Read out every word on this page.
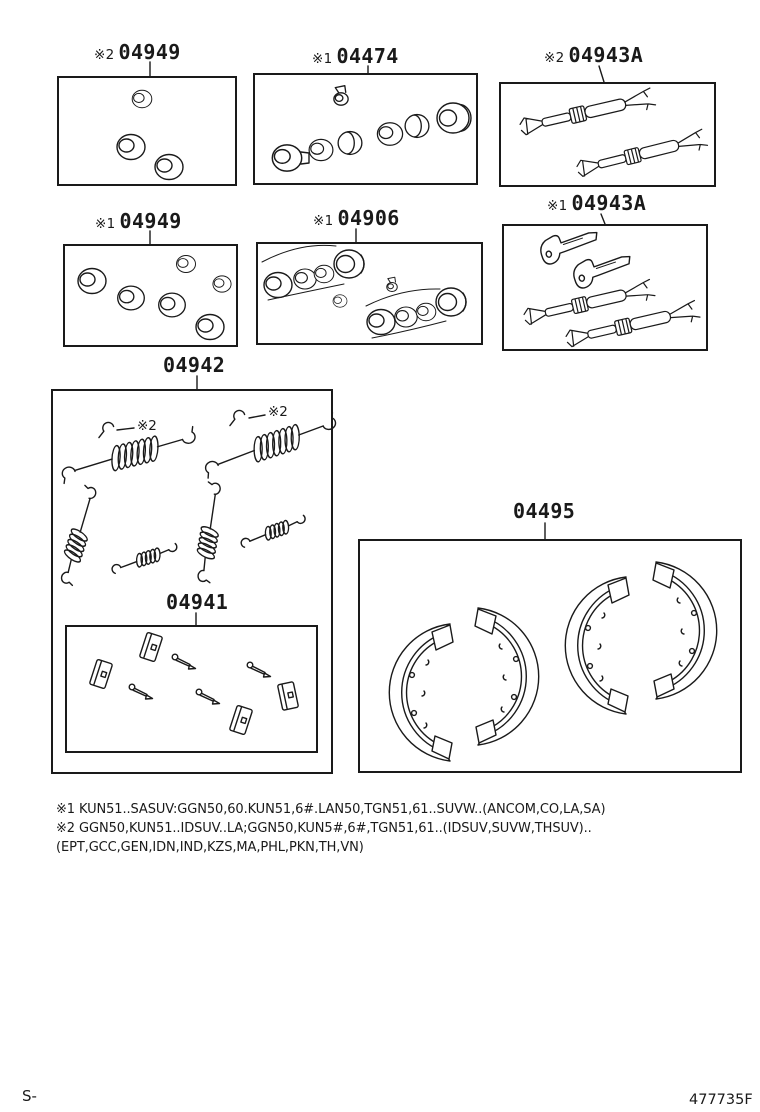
※2 04949	※1 04474	※2 04943A
※1 04949	※1 04906	※1 04943A
04942
04941
04495
※2
※2
※1 KUN51..SASUV:GGN50,60.KUN51,6#.LAN50,TGN51,61..SUVW..(ANCOM,CO,LA,SA)
※2 GGN50,KUN51..IDSUV..LA;GGN50,KUN5#,6#,TGN51,61..(IDSUV,SUVW,THSUV)..
(EPT,GCC,GEN,IDN,IND,KZS,MA,PHL,PKN,TH,VN)
S-	477735F
